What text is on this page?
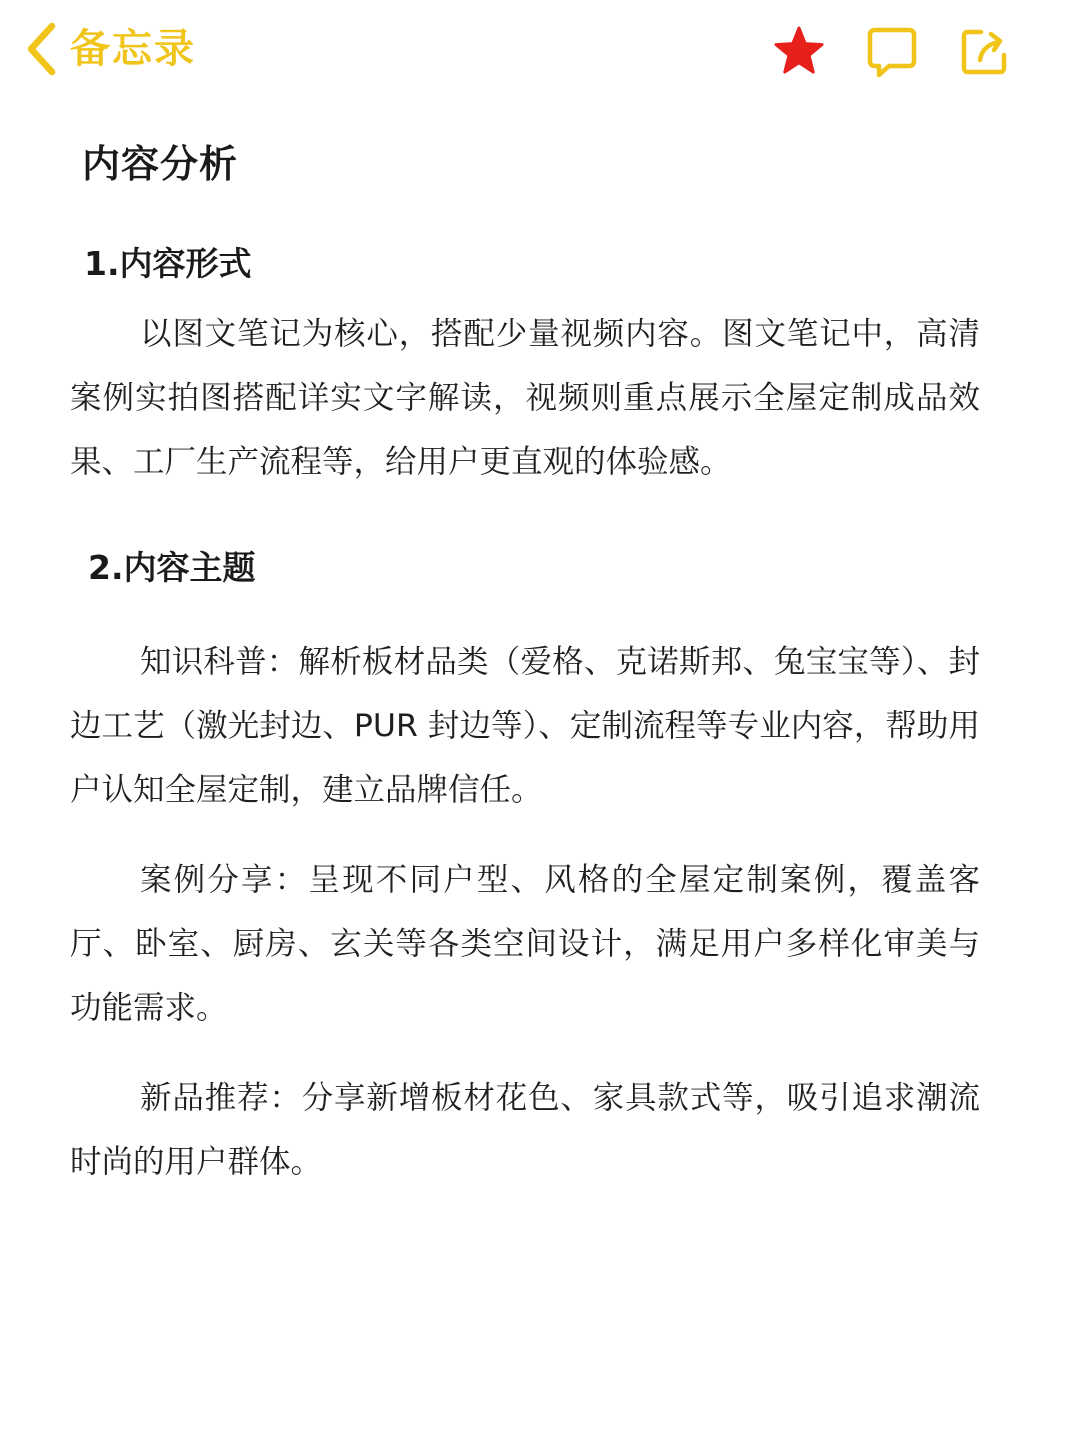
备忘录
内容分析
1.内容形式

以图文笔记为核心，搭配少量视频内容。图文笔记中，高清案例实拍图搭配详实文字解读，视频则重点展示全屋定制成品效果、工厂生产流程等，给用户更直观的体验感。

2.内容主题

知识科普：解析板材品类（爱格、克诺斯邦、兔宝宝等）、封边工艺（激光封边、PUR 封边等）、定制流程等专业内容，帮助用户认知全屋定制，建立品牌信任。

案例分享：呈现不同户型、风格的全屋定制案例，覆盖客厅、卧室、厨房、玄关等各类空间设计，满足用户多样化审美与功能需求。

新品推荐：分享新增板材花色、家具款式等，吸引追求潮流时尚的用户群体。
